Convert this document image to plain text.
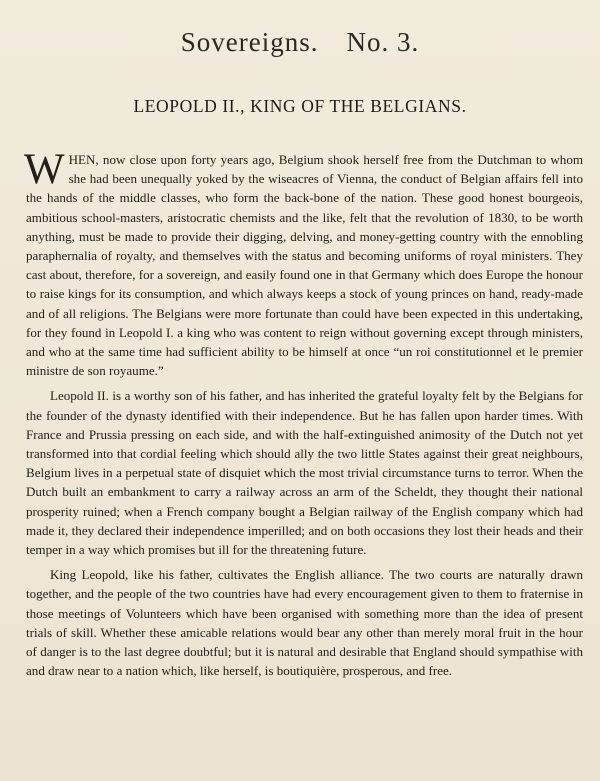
Sovereigns. No. 3.
LEOPOLD II., KING OF THE BELGIANS.

WHEN, now close upon forty years ago, Belgium shook herself free from the Dutchman to whom she had been unequally yoked by the wiseacres of Vienna, the conduct of Belgian affairs fell into the hands of the middle classes, who form the back-bone of the nation. These good honest bourgeois, ambitious school-masters, aristocratic chemists and the like, felt that the revolution of 1830, to be worth anything, must be made to provide their digging, delving, and money-getting country with the ennobling paraphernalia of royalty, and themselves with the status and becoming uniforms of royal ministers. They cast about, therefore, for a sovereign, and easily found one in that Germany which does Europe the honour to raise kings for its consumption, and which always keeps a stock of young princes on hand, ready-made and of all religions. The Belgians were more fortunate than could have been expected in this undertaking, for they found in Leopold I. a king who was content to reign without governing except through ministers, and who at the same time had sufficient ability to be himself at once “un roi constitutionnel et le premier ministre de son royaume.”

Leopold II. is a worthy son of his father, and has inherited the grateful loyalty felt by the Belgians for the founder of the dynasty identified with their independence. But he has fallen upon harder times. With France and Prussia pressing on each side, and with the half-extinguished animosity of the Dutch not yet transformed into that cordial feeling which should ally the two little States against their great neighbours, Belgium lives in a perpetual state of disquiet which the most trivial circumstance turns to terror. When the Dutch built an embankment to carry a railway across an arm of the Scheldt, they thought their national prosperity ruined; when a French company bought a Belgian railway of the English company which had made it, they declared their independence imperilled; and on both occasions they lost their heads and their temper in a way which promises but ill for the threatening future.

King Leopold, like his father, cultivates the English alliance. The two courts are naturally drawn together, and the people of the two countries have had every encouragement given to them to fraternise in those meetings of Volunteers which have been organised with something more than the idea of present trials of skill. Whether these amicable relations would bear any other than merely moral fruit in the hour of danger is to the last degree doubtful; but it is natural and desirable that England should sympathise with and draw near to a nation which, like herself, is boutiquière, prosperous, and free.
